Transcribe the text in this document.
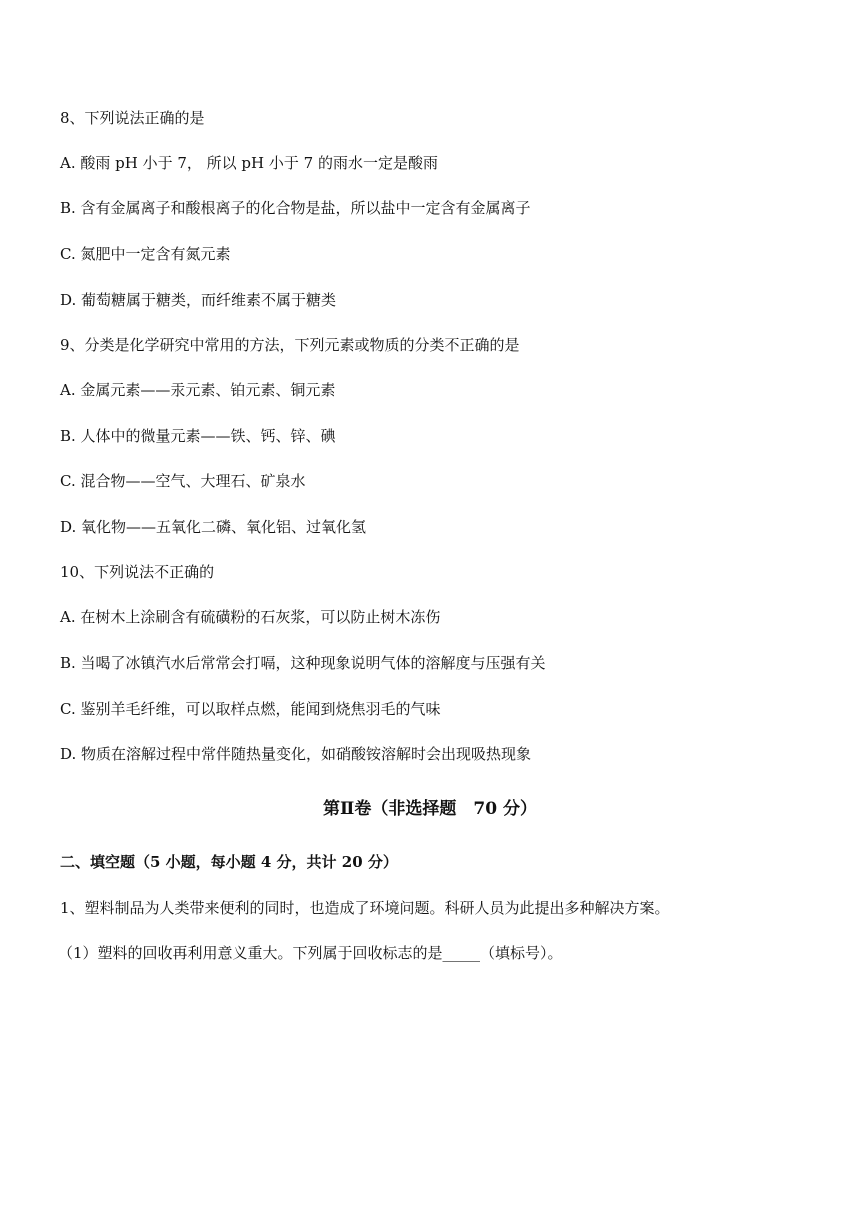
8、下列说法正确的是
A. 酸雨 pH 小于 7， 所以 pH 小于 7 的雨水一定是酸雨
B. 含有金属离子和酸根离子的化合物是盐，所以盐中一定含有金属离子
C. 氮肥中一定含有氮元素
D. 葡萄糖属于糖类，而纤维素不属于糖类
9、分类是化学研究中常用的方法，下列元素或物质的分类不正确的是
A. 金属元素——汞元素、铂元素、铜元素
B. 人体中的微量元素——铁、钙、锌、碘
C. 混合物——空气、大理石、矿泉水
D. 氧化物——五氧化二磷、氧化铝、过氧化氢
10、下列说法不正确的
A. 在树木上涂刷含有硫磺粉的石灰浆，可以防止树木冻伤
B. 当喝了冰镇汽水后常常会打嗝，这种现象说明气体的溶解度与压强有关
C. 鉴别羊毛纤维，可以取样点燃，能闻到烧焦羽毛的气味
D. 物质在溶解过程中常伴随热量变化，如硝酸铵溶解时会出现吸热现象
第Ⅱ卷（非选择题　70 分）
二、填空题（5 小题，每小题 4 分，共计 20 分）
1、塑料制品为人类带来便利的同时，也造成了环境问题。科研人员为此提出多种解决方案。
（1）塑料的回收再利用意义重大。下列属于回收标志的是_____（填标号）。
